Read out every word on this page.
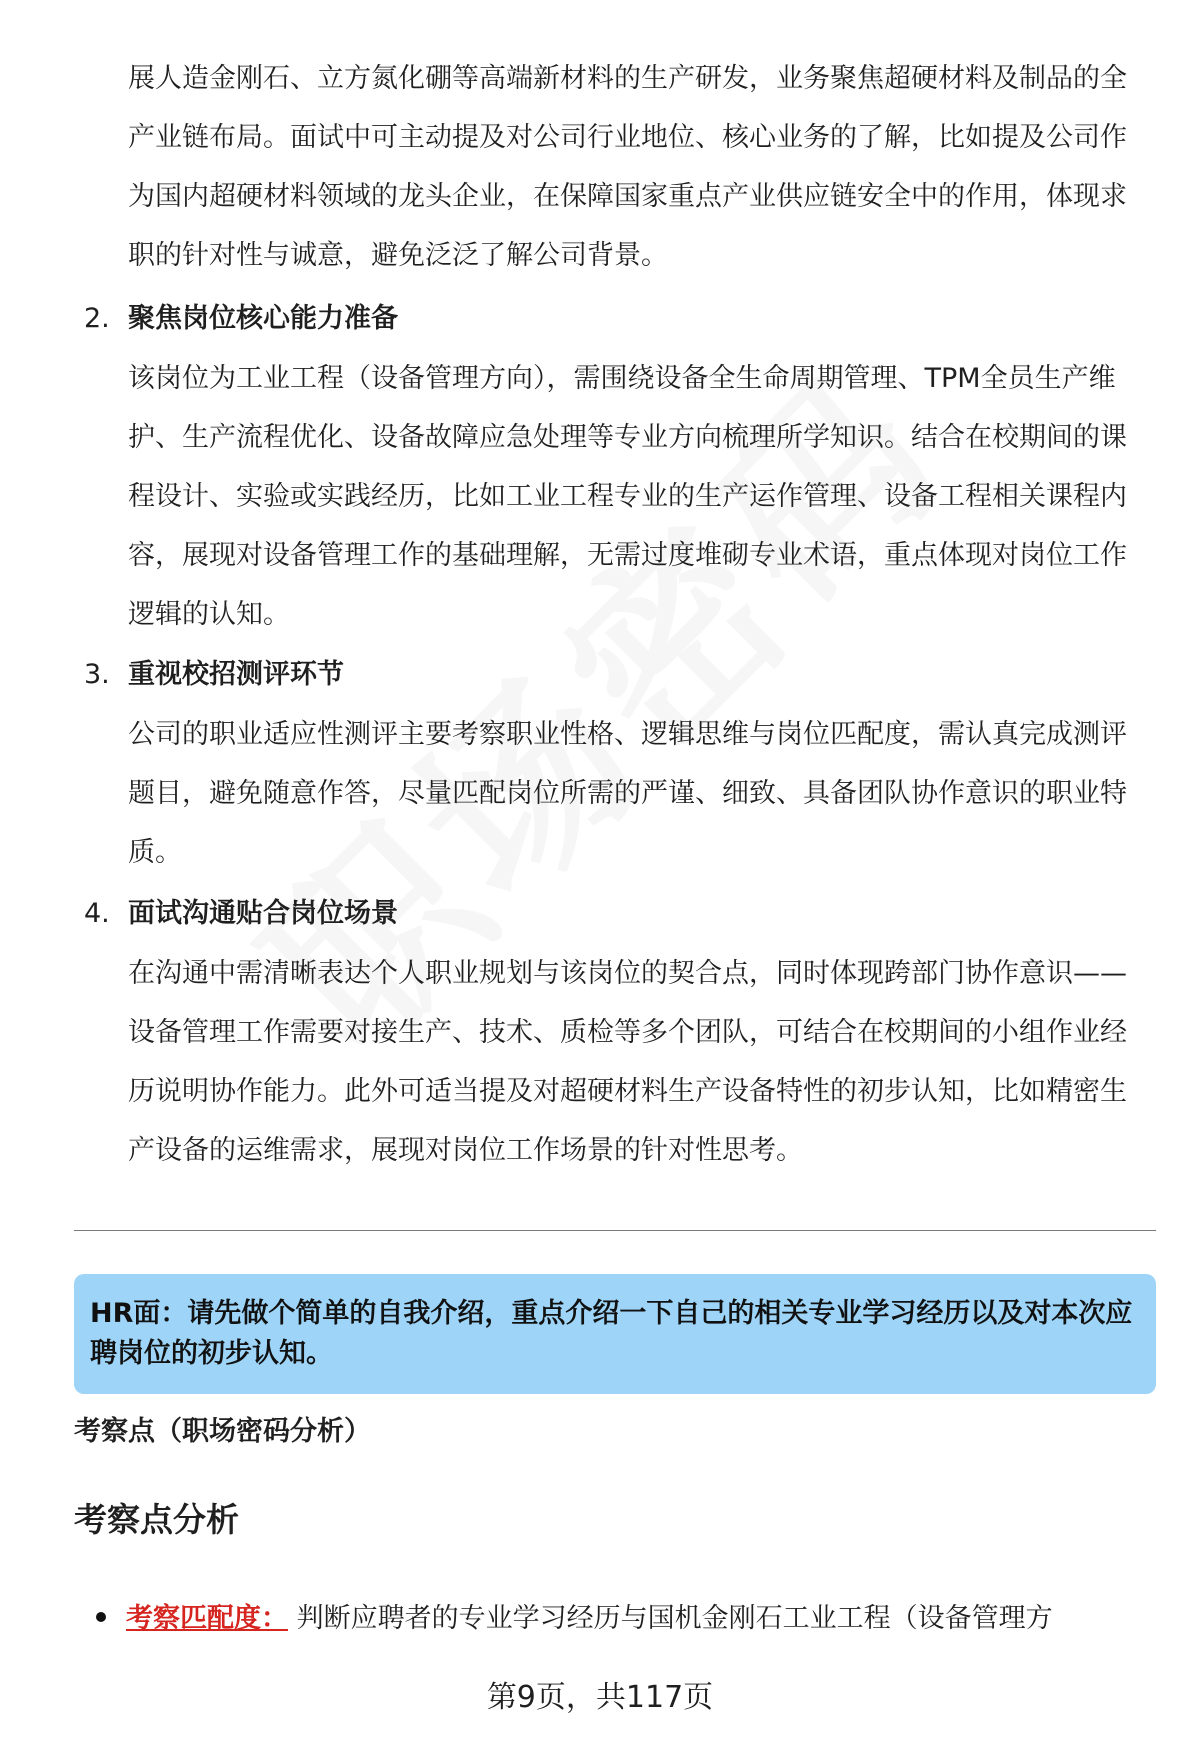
展人造金刚石、立方氮化硼等高端新材料的生产研发，业务聚焦超硬材料及制品的全产业链布局。面试中可主动提及对公司行业地位、核心业务的了解，比如提及公司作为国内超硬材料领域的龙头企业，在保障国家重点产业供应链安全中的作用，体现求职的针对性与诚意，避免泛泛了解公司背景。

2. 聚焦岗位核心能力准备

该岗位为工业工程（设备管理方向），需围绕设备全生命周期管理、TPM全员生产维护、生产流程优化、设备故障应急处理等专业方向梳理所学知识。结合在校期间的课程设计、实验或实践经历，比如工业工程专业的生产运作管理、设备工程相关课程内容，展现对设备管理工作的基础理解，无需过度堆砌专业术语，重点体现对岗位工作逻辑的认知。

3. 重视校招测评环节

公司的职业适应性测评主要考察职业性格、逻辑思维与岗位匹配度，需认真完成测评题目，避免随意作答，尽量匹配岗位所需的严谨、细致、具备团队协作意识的职业特质。

4. 面试沟通贴合岗位场景

在沟通中需清晰表达个人职业规划与该岗位的契合点，同时体现跨部门协作意识——设备管理工作需要对接生产、技术、质检等多个团队，可结合在校期间的小组作业经历说明协作能力。此外可适当提及对超硬材料生产设备特性的初步认知，比如精密生产设备的运维需求，展现对岗位工作场景的针对性思考。

HR面：请先做个简单的自我介绍，重点介绍一下自己的相关专业学习经历以及对本次应聘岗位的初步认知。
考察点（职场密码分析）
考察点分析
考察匹配度： 判断应聘者的专业学习经历与国机金刚石工业工程（设备管理方
第9页，共117页
